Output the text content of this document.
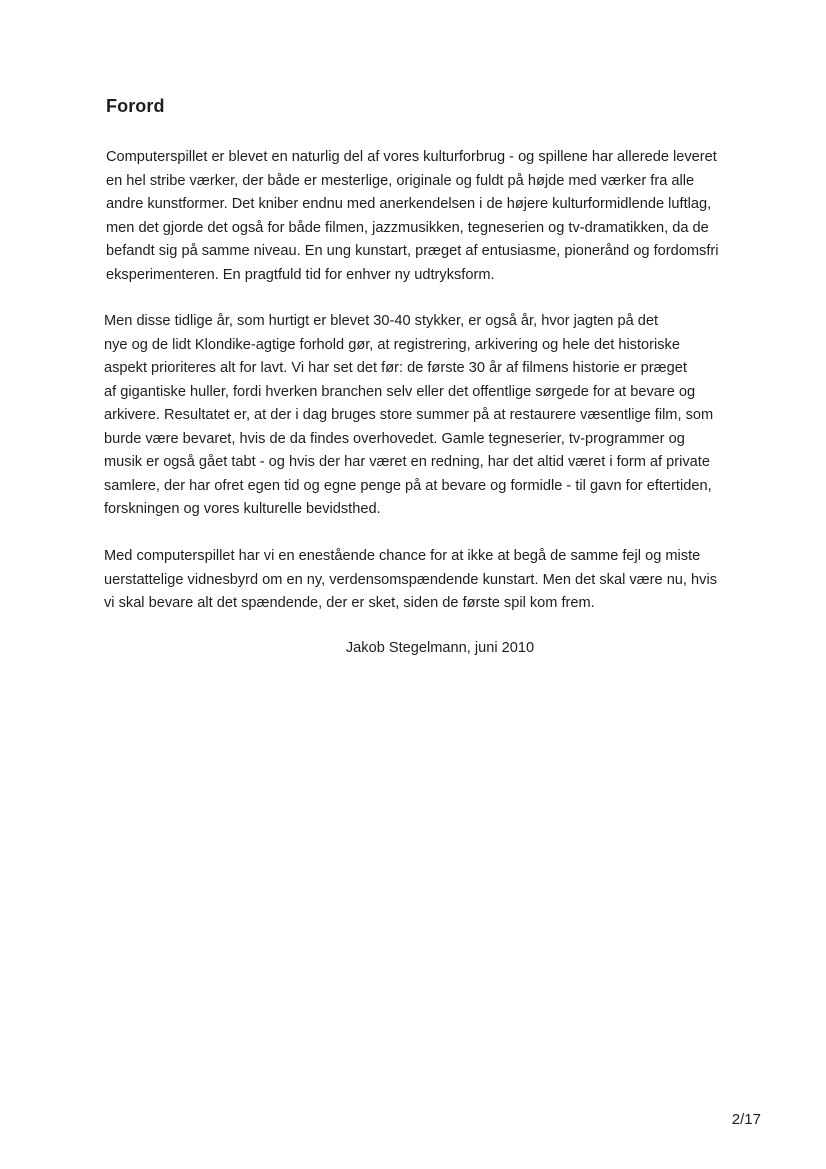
Forord

Computerspillet er blevet en naturlig del af vores kulturforbrug - og spillene har allerede leveret
en hel stribe værker, der både er mesterlige, originale og fuldt på højde med værker fra alle
andre kunstformer. Det kniber endnu med anerkendelsen i de højere kulturformidlende luftlag,
men det gjorde det også for både filmen, jazzmusikken, tegneserien og tv-dramatikken, da de
befandt sig på samme niveau. En ung kunstart, præget af entusiasme, pionerånd og fordomsfri
eksperimenteren. En pragtfuld tid for enhver ny udtryksform.

Men disse tidlige år, som hurtigt er blevet 30-40 stykker, er også år, hvor jagten på det
nye og de lidt Klondike-agtige forhold gør, at registrering, arkivering og hele det historiske
aspekt prioriteres alt for lavt. Vi har set det før: de første 30 år af filmens historie er præget
af gigantiske huller, fordi hverken branchen selv eller det offentlige sørgede for at bevare og
arkivere. Resultatet er, at der i dag bruges store summer på at restaurere væsentlige film, som
burde være bevaret, hvis de da findes overhovedet. Gamle tegneserier, tv-programmer og
musik er også gået tabt - og hvis der har været en redning, har det altid været i form af private
samlere, der har ofret egen tid og egne penge på at bevare og formidle - til gavn for eftertiden,
forskningen og vores kulturelle bevidsthed.

Med computerspillet har vi en enestående chance for at ikke at begå de samme fejl og miste
uerstattelige vidnesbyrd om en ny, verdensomspændende kunstart. Men det skal være nu, hvis
vi skal bevare alt det spændende, der er sket, siden de første spil kom frem.

Jakob Stegelmann, juni 2010

2/17
